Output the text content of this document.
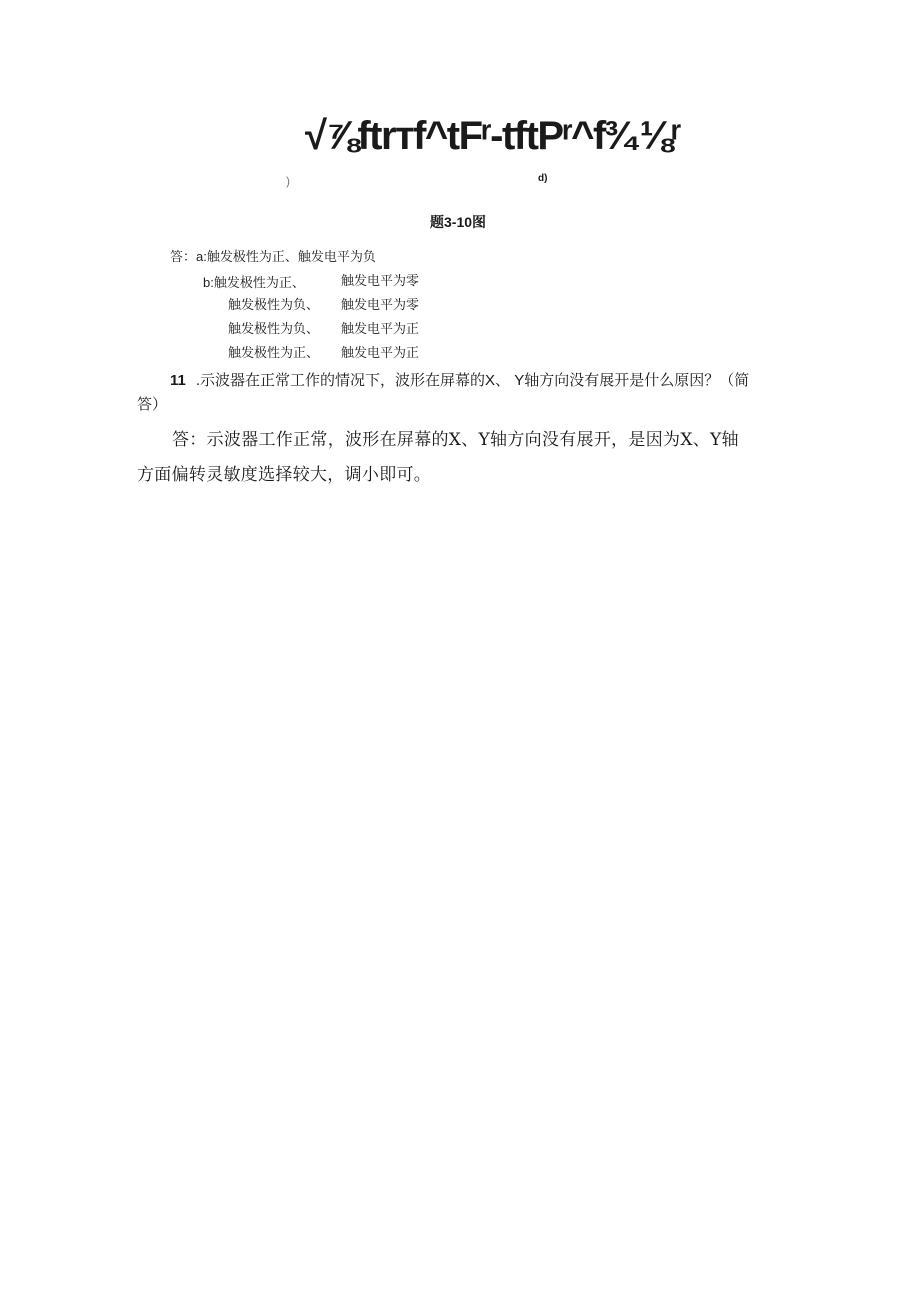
√⅞ftrтf^tFʳ-tftPʳ^f³⁄₄⅛ʳ
)	d)
题3-10图
答：a:触发极性为正、触发电平为负
b:触发极性为正、	触发电平为零
触发极性为负、 触发电平为零
触发极性为负、 触发电平为正
触发极性为正、 触发电平为正
11 .示波器在正常工作的情况下，波形在屏幕的X、 Y轴方向没有展开是什么原因？（简
答）
答：示波器工作正常，波形在屏幕的X、Y轴方向没有展开，是因为X、Y轴
方面偏转灵敏度选择较大，调小即可。
